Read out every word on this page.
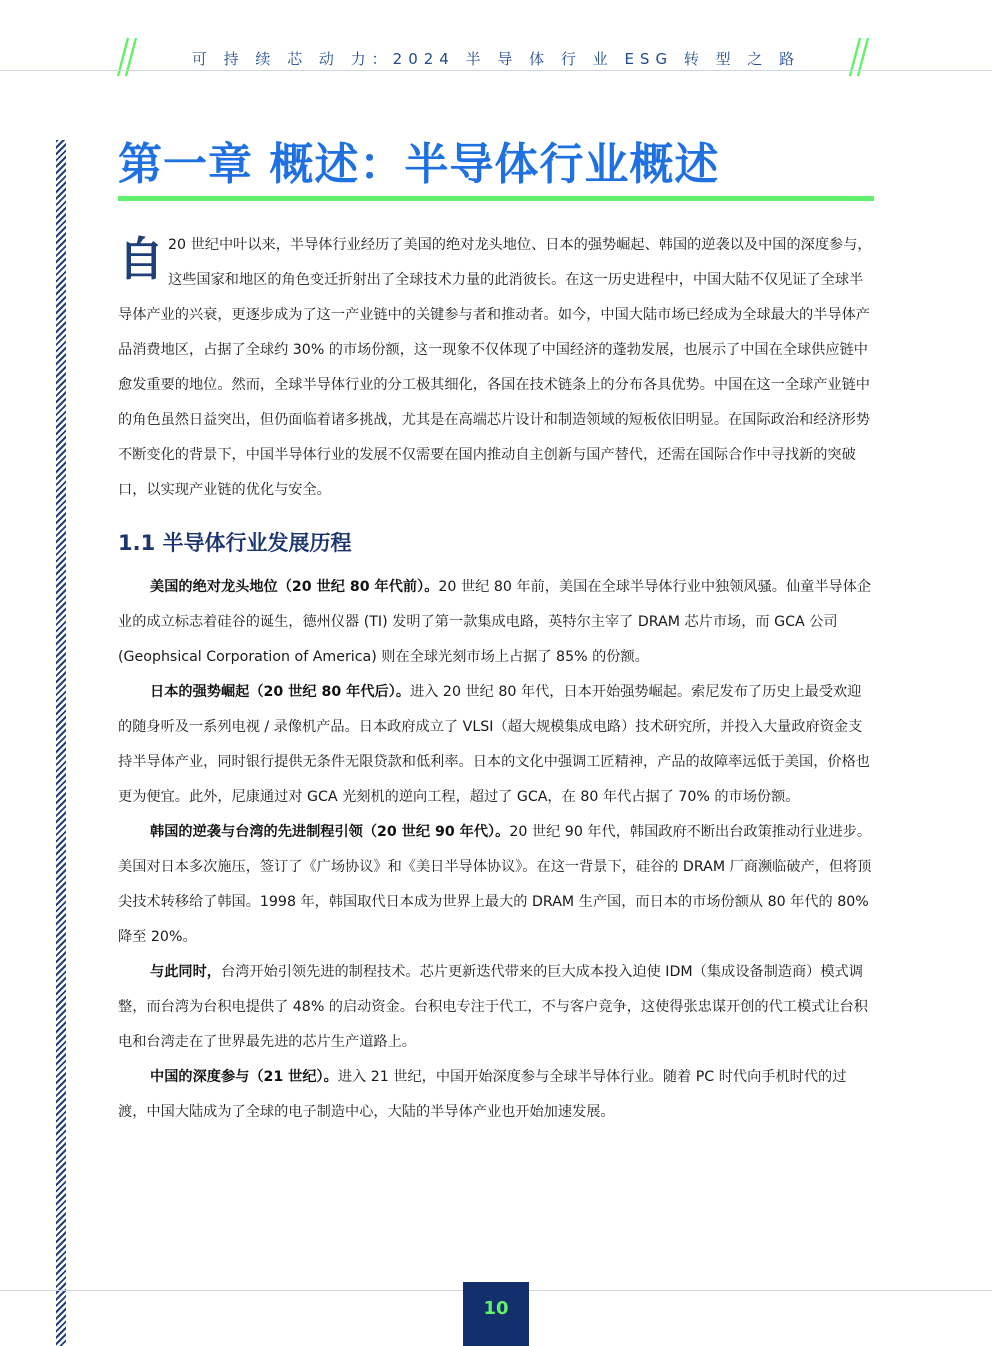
可 持 续 芯 动 力：2024 半 导 体 行 业 ESG 转 型 之 路
第一章 概述：半导体行业概述
自 20 世纪中叶以来，半导体行业经历了美国的绝对龙头地位、日本的强势崛起、韩国的逆袭以及中国的深度参与，这些国家和地区的角色变迁折射出了全球技术力量的此消彼长。在这一历史进程中，中国大陆不仅见证了全球半导体产业的兴衰，更逐步成为了这一产业链中的关键参与者和推动者。如今，中国大陆市场已经成为全球最大的半导体产品消费地区，占据了全球约 30% 的市场份额，这一现象不仅体现了中国经济的蓬勃发展，也展示了中国在全球供应链中愈发重要的地位。然而，全球半导体行业的分工极其细化，各国在技术链条上的分布各具优势。中国在这一全球产业链中的角色虽然日益突出，但仍面临着诸多挑战，尤其是在高端芯片设计和制造领域的短板依旧明显。在国际政治和经济形势不断变化的背景下，中国半导体行业的发展不仅需要在国内推动自主创新与国产替代，还需在国际合作中寻找新的突破口，以实现产业链的优化与安全。
1.1 半导体行业发展历程

美国的绝对龙头地位（20 世纪 80 年代前）。20 世纪 80 年前，美国在全球半导体行业中独领风骚。仙童半导体企业的成立标志着硅谷的诞生，德州仪器 (TI) 发明了第一款集成电路，英特尔主宰了 DRAM 芯片市场，而 GCA 公司 (Geophsical Corporation of America) 则在全球光刻市场上占据了 85% 的份额。

日本的强势崛起（20 世纪 80 年代后）。进入 20 世纪 80 年代，日本开始强势崛起。索尼发布了历史上最受欢迎的随身听及一系列电视 / 录像机产品。日本政府成立了 VLSI（超大规模集成电路）技术研究所，并投入大量政府资金支持半导体产业，同时银行提供无条件无限贷款和低利率。日本的文化中强调工匠精神，产品的故障率远低于美国，价格也更为便宜。此外，尼康通过对 GCA 光刻机的逆向工程，超过了 GCA，在 80 年代占据了 70% 的市场份额。

韩国的逆袭与台湾的先进制程引领（20 世纪 90 年代）。20 世纪 90 年代，韩国政府不断出台政策推动行业进步。美国对日本多次施压，签订了《广场协议》和《美日半导体协议》。在这一背景下，硅谷的 DRAM 厂商濒临破产，但将顶尖技术转移给了韩国。1998 年，韩国取代日本成为世界上最大的 DRAM 生产国，而日本的市场份额从 80 年代的 80% 降至 20%。

与此同时，台湾开始引领先进的制程技术。芯片更新迭代带来的巨大成本投入迫使 IDM（集成设备制造商）模式调整，而台湾为台积电提供了 48% 的启动资金。台积电专注于代工，不与客户竞争，这使得张忠谋开创的代工模式让台积电和台湾走在了世界最先进的芯片生产道路上。

中国的深度参与（21 世纪）。进入 21 世纪，中国开始深度参与全球半导体行业。随着 PC 时代向手机时代的过渡，中国大陆成为了全球的电子制造中心，大陆的半导体产业也开始加速发展。

10
